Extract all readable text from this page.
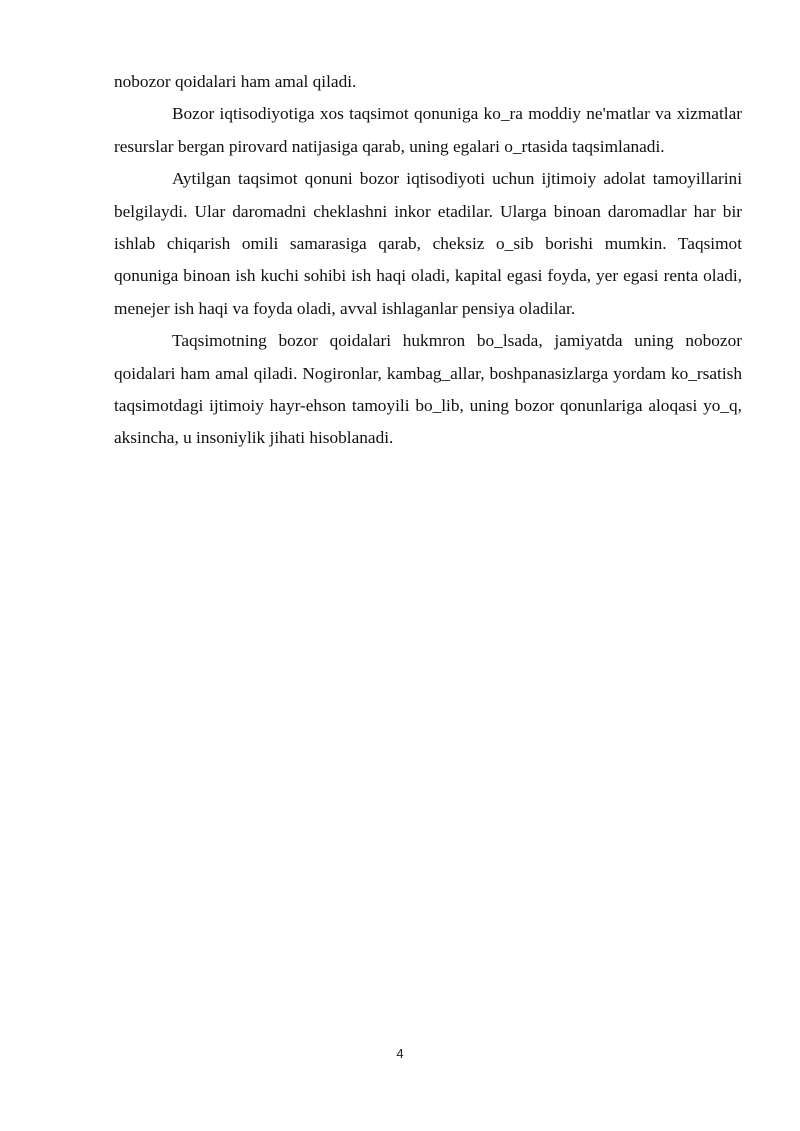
nobozor qoidalari ham amal qiladi.

Bozor iqtisodiyotiga xos taqsimot qonuniga ko_ra moddiy ne'matlar va xizmatlar resurslar bergan pirovard natijasiga qarab, uning egalari o_rtasida taqsimlanadi.

Aytilgan taqsimot qonuni bozor iqtisodiyoti uchun ijtimoiy adolat tamoyillarini belgilaydi. Ular daromadni cheklashni inkor etadilar. Ularga binoan daromadlar har bir ishlab chiqarish omili samarasiga qarab, cheksiz o_sib borishi mumkin. Taqsimot qonuniga binoan ish kuchi sohibi ish haqi oladi, kapital egasi foyda, yer egasi renta oladi, menejer ish haqi va foyda oladi, avval ishlaganlar pensiya oladilar.

Taqsimotning bozor qoidalari hukmron bo_lsada, jamiyatda uning nobozor qoidalari ham amal qiladi. Nogironlar, kambag_allar, boshpanasizlarga yordam ko_rsatish taqsimotdagi ijtimoiy hayr-ehson tamoyili bo_lib, uning bozor qonunlariga aloqasi yo_q, aksincha, u insoniylik jihati hisoblanadi.

4
